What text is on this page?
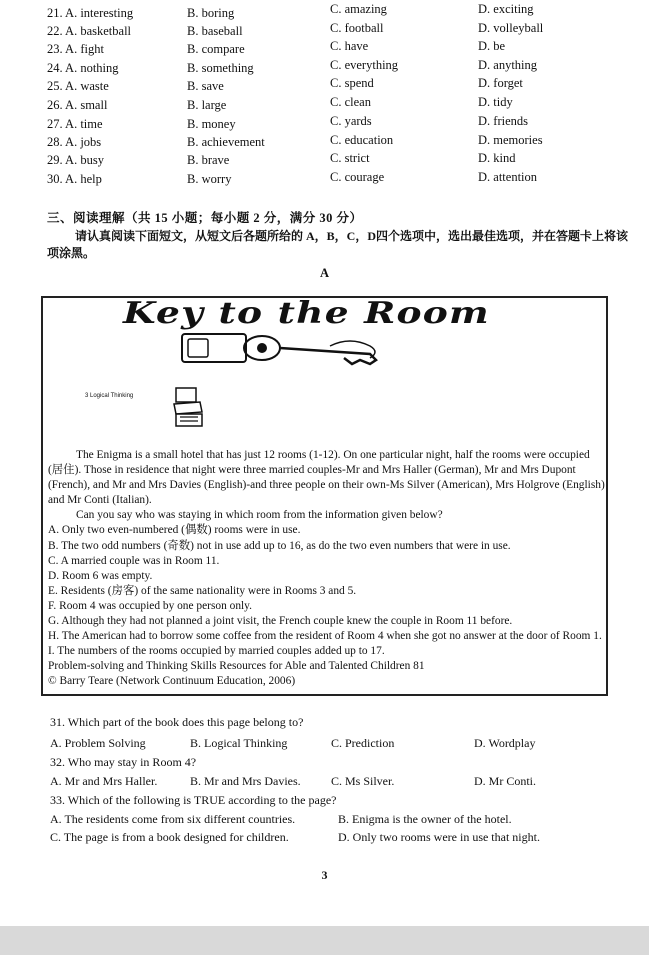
21. A. interesting	B. boring	C. amazing	D. exciting
22. A. basketball	B. baseball	C. football	D. volleyball
23. A. fight	B. compare	C. have	D. be
24. A. nothing	B. something	C. everything	D. anything
25. A. waste	B. save	C. spend	D. forget
26. A. small	B. large	C. clean	D. tidy
27. A. time	B. money	C. yards	D. friends
28. A. jobs	B. achievement	C. education	D. memories
29. A. busy	B. brave	C. strict	D. kind
30. A. help	B. worry	C. courage	D. attention
三、阅读理解（共 15 小题；每小题 2 分，满分 30 分）
请认真阅读下面短文，从短文后各题所给的 A，B，C，D四个选项中，选出最佳选项，并在答题卡上将该项涂黑。
A
Key to the Room
3 Logical Thinking

The Enigma is a small hotel that has just 12 rooms (1-12). On one particular night, half the rooms were occupied (居住). Those in residence that night were three married couples-Mr and Mrs Haller (German), Mr and Mrs Dupont (French), and Mr and Mrs Davies (English)-and three people on their own-Ms Silver (American), Mrs Holgrove (English) and Mr Conti (Italian).

Can you say who was staying in which room from the information given below?

A. Only two even-numbered (偶数) rooms were in use.

B. The two odd numbers (奇数) not in use add up to 16, as do the two even numbers that were in use.

C. A married couple was in Room 11.

D. Room 6 was empty.

E. Residents (房客) of the same nationality were in Rooms 3 and 5.

F. Room 4 was occupied by one person only.

G. Although they had not planned a joint visit, the French couple knew the couple in Room 11 before.

H. The American had to borrow some coffee from the resident of Room 4 when she got no answer at the door of Room 1.

I. The numbers of the rooms occupied by married couples added up to 17.

Problem-solving and Thinking Skills Resources for Able and Talented Children 81

© Barry Teare (Network Continuum Education, 2006)

31. Which part of the book does this page belong to?
A. Problem Solving	B. Logical Thinking	C. Prediction	D. Wordplay
32. Who may stay in Room 4?
A. Mr and Mrs Haller.	B. Mr and Mrs Davies.	C. Ms Silver.	D. Mr Conti.
33. Which of the following is TRUE according to the page?
A. The residents come from six different countries.	B. Enigma is the owner of the hotel.
C. The page is from a book designed for children.	D. Only two rooms were in use that night.
3
